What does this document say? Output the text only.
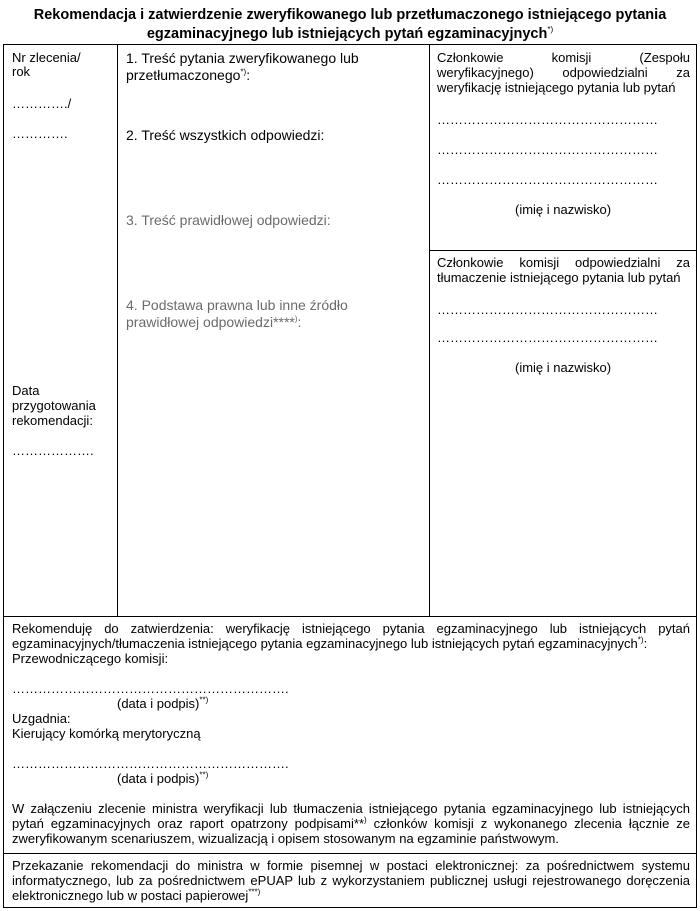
Rekomendacja i zatwierdzenie zweryfikowanego lub przetłumaczonego istniejącego pytania
egzaminacyjnego lub istniejących pytań egzaminacyjnych*)
Nr zlecenia/
rok
…………./
………….
Data
przygotowania
rekomendacji:
……………….
1. Treść pytania zweryfikowanego lub
przetłumaczonego*):
2. Treść wszystkich odpowiedzi:
3. Treść prawidłowej odpowiedzi:
4. Podstawa prawna lub inne źródło
prawidłowej odpowiedzi****):
Członkowie komisji (Zespołu
weryfikacyjnego) odpowiedzialni za
weryfikację istniejącego pytania lub pytań
……………………………………………
……………………………………………
……………………………………………
(imię i nazwisko)
Członkowie komisji odpowiedzialni za
tłumaczenie istniejącego pytania lub pytań
……………………………………………
……………………………………………
(imię i nazwisko)
Rekomenduję do zatwierdzenia: weryfikację istniejącego pytania egzaminacyjnego lub istniejących pytań
egzaminacyjnych/tłumaczenia istniejącego pytania egzaminacyjnego lub istniejących pytań egzaminacyjnych*):
Przewodniczącego komisji:
……………………………………………………….
(data i podpis)**)
Uzgadnia:
Kierujący komórką merytoryczną
……………………………………………………….
(data i podpis)**)
W załączeniu zlecenie ministra weryfikacji lub tłumaczenia istniejącego pytania egzaminacyjnego lub istniejących pytań egzaminacyjnych oraz raport opatrzony podpisami**) członków komisji z wykonanego zlecenia łącznie ze zweryfikowanym scenariuszem, wizualizacją i opisem stosowanym na egzaminie państwowym.
Przekazanie rekomendacji do ministra w formie pisemnej w postaci elektronicznej: za pośrednictwem systemu informatycznego, lub za pośrednictwem ePUAP lub z wykorzystaniem publicznej usługi rejestrowanego doręczenia elektronicznego lub w postaci papierowej***)
